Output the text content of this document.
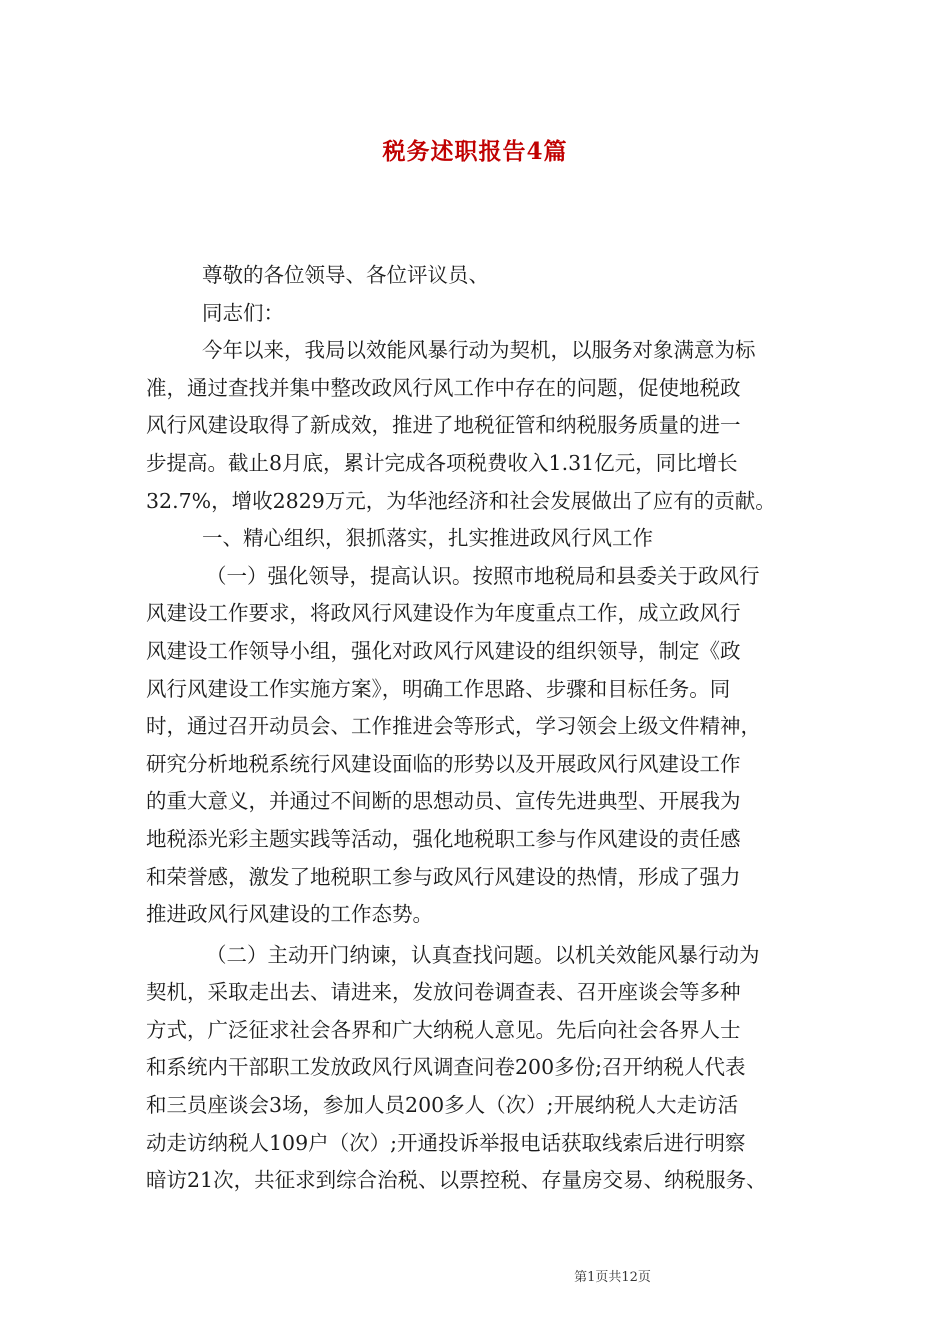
税务述职报告4篇
尊敬的各位领导、各位评议员、
同志们：
今年以来，我局以效能风暴行动为契机，以服务对象满意为标
准，通过查找并集中整改政风行风工作中存在的问题，促使地税政
风行风建设取得了新成效，推进了地税征管和纳税服务质量的进一
步提高。截止8月底，累计完成各项税费收入1.31亿元，同比增长
32.7%，增收2829万元，为华池经济和社会发展做出了应有的贡献。
一、精心组织，狠抓落实，扎实推进政风行风工作
（一）强化领导，提高认识。按照市地税局和县委关于政风行
风建设工作要求，将政风行风建设作为年度重点工作，成立政风行
风建设工作领导小组，强化对政风行风建设的组织领导，制定《政
风行风建设工作实施方案》，明确工作思路、步骤和目标任务。同
时，通过召开动员会、工作推进会等形式，学习领会上级文件精神，
研究分析地税系统行风建设面临的形势以及开展政风行风建设工作
的重大意义，并通过不间断的思想动员、宣传先进典型、开展我为
地税添光彩主题实践等活动，强化地税职工参与作风建设的责任感
和荣誉感，激发了地税职工参与政风行风建设的热情，形成了强力
推进政风行风建设的工作态势。
（二）主动开门纳谏，认真查找问题。以机关效能风暴行动为
契机，采取走出去、请进来，发放问卷调查表、召开座谈会等多种
方式，广泛征求社会各界和广大纳税人意见。先后向社会各界人士
和系统内干部职工发放政风行风调查问卷200多份;召开纳税人代表
和三员座谈会3场，参加人员200多人（次）;开展纳税人大走访活
动走访纳税人109户（次）;开通投诉举报电话获取线索后进行明察
暗访21次，共征求到综合治税、以票控税、存量房交易、纳税服务、
第1页共12页
